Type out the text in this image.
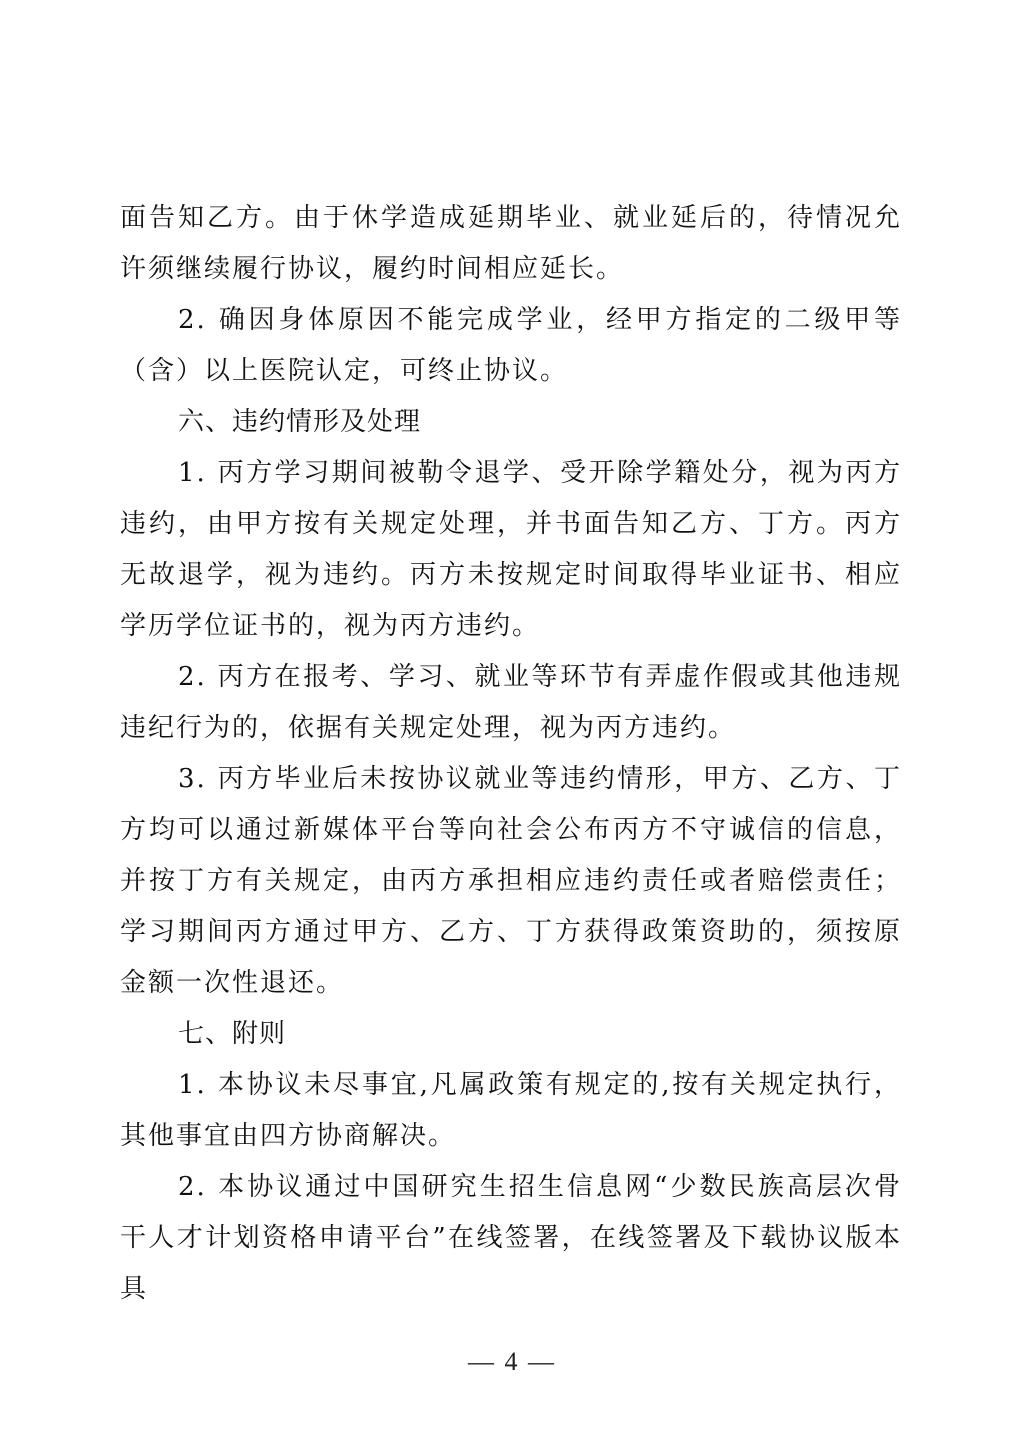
面告知乙方。由于休学造成延期毕业、就业延后的，待情况允许须继续履行协议，履约时间相应延长。

2. 确因身体原因不能完成学业，经甲方指定的二级甲等（含）以上医院认定，可终止协议。

六、违约情形及处理

1. 丙方学习期间被勒令退学、受开除学籍处分，视为丙方违约，由甲方按有关规定处理，并书面告知乙方、丁方。丙方无故退学，视为违约。丙方未按规定时间取得毕业证书、相应学历学位证书的，视为丙方违约。

2. 丙方在报考、学习、就业等环节有弄虚作假或其他违规违纪行为的，依据有关规定处理，视为丙方违约。

3. 丙方毕业后未按协议就业等违约情形，甲方、乙方、丁方均可以通过新媒体平台等向社会公布丙方不守诚信的信息，并按丁方有关规定，由丙方承担相应违约责任或者赔偿责任；学习期间丙方通过甲方、乙方、丁方获得政策资助的，须按原金额一次性退还。

七、附则

1. 本协议未尽事宜,凡属政策有规定的,按有关规定执行，其他事宜由四方协商解决。

2. 本协议通过中国研究生招生信息网“少数民族高层次骨干人才计划资格申请平台”在线签署，在线签署及下载协议版本具

— 4 —
